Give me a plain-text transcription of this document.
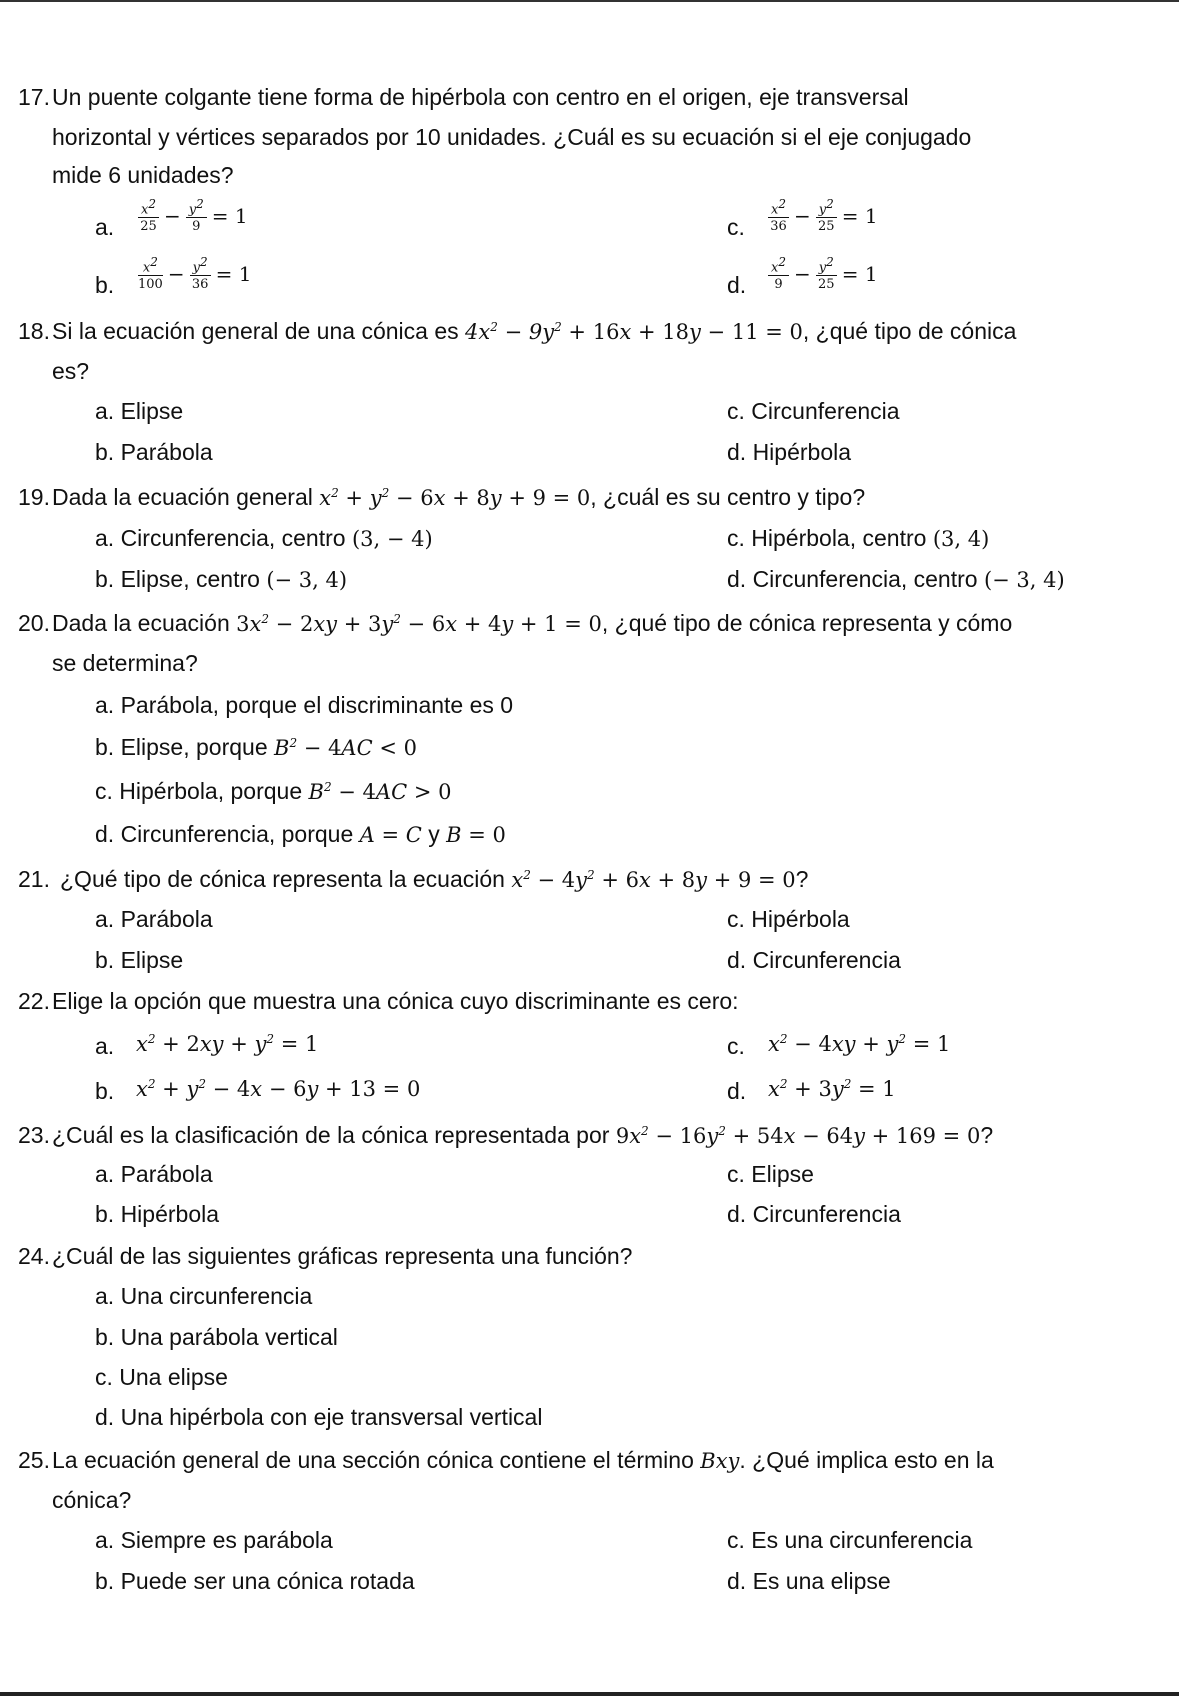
17. Un puente colgante tiene forma de hipérbola con centro en el origen, eje transversal
horizontal y vértices separados por 10 unidades. ¿Cuál es su ecuación si el eje conjugado
mide 6 unidades?
a. $\frac{x^2}{25} - \frac{y^2}{9} = 1$
b. $\frac{x^2}{100} - \frac{y^2}{36} = 1$
c. $\frac{x^2}{36} - \frac{y^2}{25} = 1$
d. $\frac{x^2}{9} - \frac{y^2}{25} = 1$
18. Si la ecuación general de una cónica es $4x^2 - 9y^2 + 16x + 18y - 11 = 0$, ¿qué tipo de cónica
es?
a. Elipse
b. Parábola
c. Circunferencia
d. Hipérbola
19. Dada la ecuación general $x^2 + y^2 - 6x + 8y + 9 = 0$, ¿cuál es su centro y tipo?
a. Circunferencia, centro (3, − 4)
b. Elipse, centro (− 3, 4)
c. Hipérbola, centro (3, 4)
d. Circunferencia, centro (− 3, 4)
20. Dada la ecuación $3x^2 - 2xy + 3y^2 - 6x + 4y + 1 = 0$, ¿qué tipo de cónica representa y cómo
se determina?
a. Parábola, porque el discriminante es 0
b. Elipse, porque $B^2 - 4AC < 0$
c. Hipérbola, porque $B^2 - 4AC > 0$
d. Circunferencia, porque A = C y B = 0
21. ¿Qué tipo de cónica representa la ecuación $x^2 - 4y^2 + 6x + 8y + 9 = 0$?
a. Parábola
b. Elipse
c. Hipérbola
d. Circunferencia
22. Elige la opción que muestra una cónica cuyo discriminante es cero:
a. $x^2 + 2xy + y^2 = 1$
b. $x^2 + y^2 - 4x - 6y + 13 = 0$
c. $x^2 - 4xy + y^2 = 1$
d. $x^2 + 3y^2 = 1$
23. ¿Cuál es la clasificación de la cónica representada por $9x^2 - 16y^2 + 54x - 64y + 169 = 0$?
a. Parábola
b. Hipérbola
c. Elipse
d. Circunferencia
24. ¿Cuál de las siguientes gráficas representa una función?
a. Una circunferencia
b. Una parábola vertical
c. Una elipse
d. Una hipérbola con eje transversal vertical
25. La ecuación general de una sección cónica contiene el término Bxy. ¿Qué implica esto en la
cónica?
a. Siempre es parábola
b. Puede ser una cónica rotada
c. Es una circunferencia
d. Es una elipse
